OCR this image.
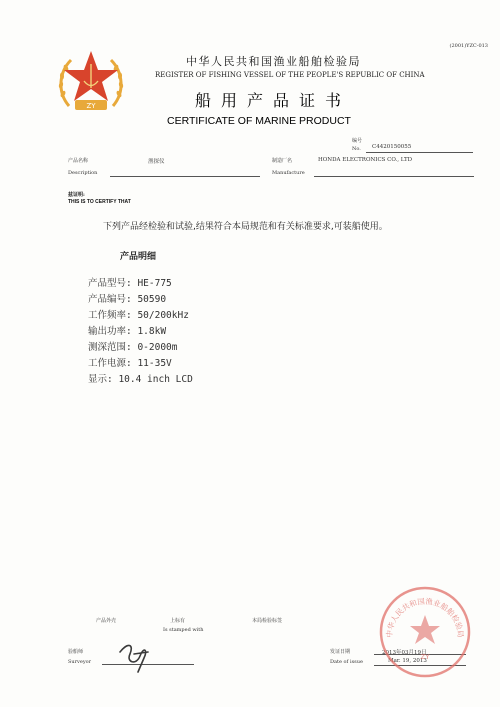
(2001)YZC-013
ZY
中华人民共和国渔业船舶检验局
REGISTER OF FISHING VESSEL OF THE PEOPLE'S REPUBLIC OF CHINA
船用产品证书
CERTIFICATE OF MARINE PRODUCT
编号
No. C4420150055
产品名称
Description
渔探仪	制造厂名
Manufacture
HONDA ELECTRONICS CO., LTD
兹证明:
THIS IS TO CERTIFY THAT
下列产品经检验和试验,结果符合本局规范和有关标准要求,可装船使用。
产品明细
产品型号: HE-775
产品编号: 50590
工作频率: 50/200kHz
输出功率: 1.8kW
测深范围: 0-2000m
工作电源: 11-35V
显示: 10.4 inch LCD
产品外壳	上标有
Is stamped with
本局检验标签
验船师
Surveyor
发证日期
Date of issue
2013年03月19日
Mar. 19, 2013
中华人民共和国渔业船舶检验局
ZY
